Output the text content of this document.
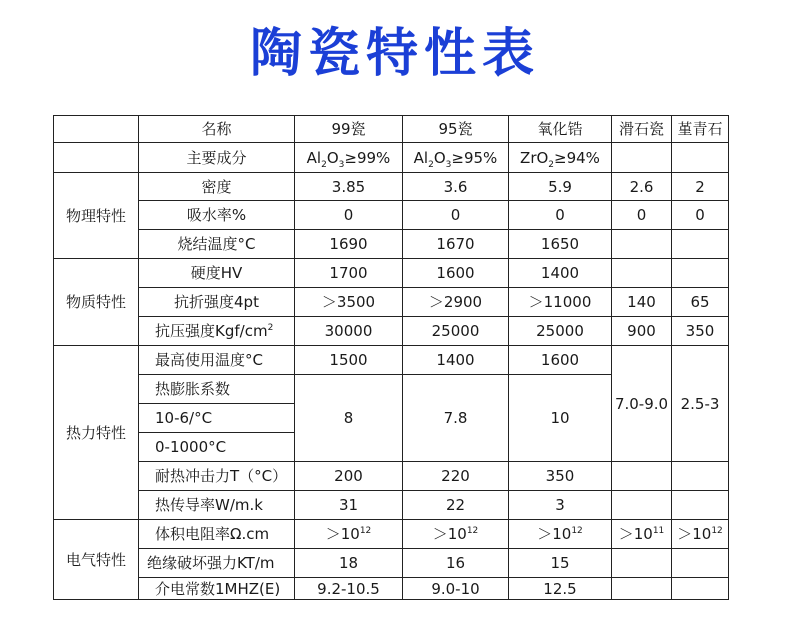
陶瓷特性表
	名称	99瓷	95瓷	氧化锆	滑石瓷	堇青石
	主要成分	$Al_2O_3\ge 99\%$	$Al_2O_3\ge 95\%$	ZrO$_2$≥94%		
物理特性	密度	3.85	3.6	5.9	2.6	2
	吸水率%	0	0	0	0	0
	烧结温度°C	1690	1670	1650		
物质特性	硬度HV	1700	1600	1400		
	抗折强度4pt	＞3500	＞2900	＞11000	140	65
	抗压强度Kgf/$cm^2$	30000	25000	25000	900	350
热力特性	最高使用温度°C	1500	1400	1600	7.0-9.0	2.5-3
	热膨胀系数	8	7.8	10		
	10-6/°C					
	0-1000°C					
	耐热冲击力T（°C）	200	220	350		
	热传导率W/m.k	31	22	3		
电气特性	体积电阻率Ω.cm	$>10^{12}$	$>10^{12}$	$>10^{12}$	$>10^{11}$	$>10^{12}$
	绝缘破坏强力KT/m	18	16	15		
	介电常数1MHZ(E)	9.2-10.5	9.0-10	12.5		
